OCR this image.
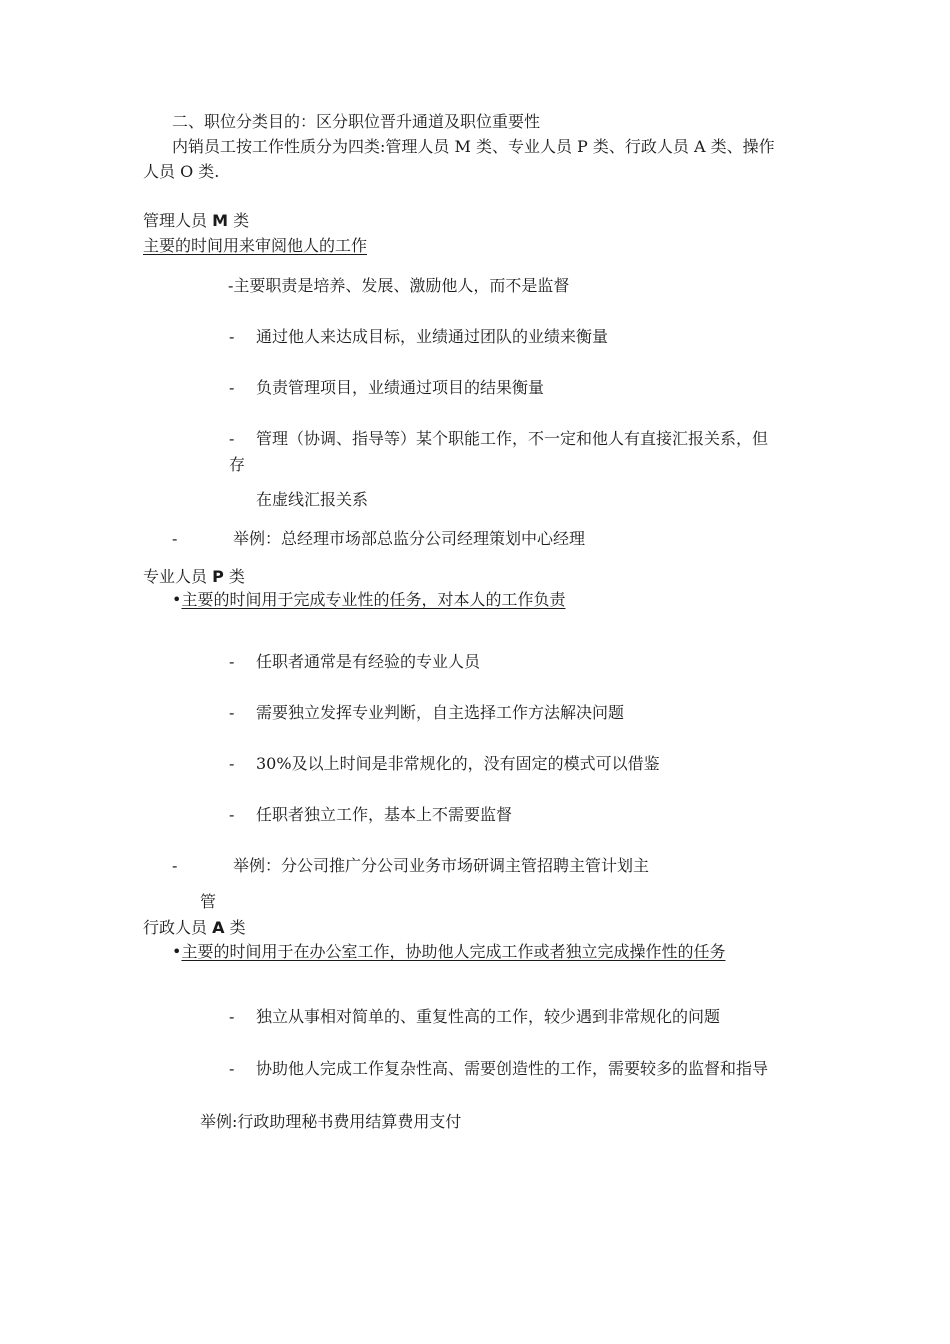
二、职位分类目的：区分职位晋升通道及职位重要性
内销员工按工作性质分为四类:管理人员 M 类、专业人员 P 类、行政人员 A 类、操作
人员 O 类.
管理人员 M 类
主要的时间用来审阅他人的工作
-主要职责是培养、发展、激励他人，而不是监督
- 通过他人来达成目标，业绩通过团队的业绩来衡量
- 负责管理项目，业绩通过项目的结果衡量
- 管理（协调、指导等）某个职能工作，不一定和他人有直接汇报关系，但
存
在虚线汇报关系
-	举例：总经理市场部总监分公司经理策划中心经理
专业人员 P 类
•主要的时间用于完成专业性的任务，对本人的工作负责
- 任职者通常是有经验的专业人员
- 需要独立发挥专业判断，自主选择工作方法解决问题
- 30%及以上时间是非常规化的，没有固定的模式可以借鉴
- 任职者独立工作，基本上不需要监督
-	举例：分公司推广分公司业务市场研调主管招聘主管计划主
管
行政人员 A 类
•主要的时间用于在办公室工作，协助他人完成工作或者独立完成操作性的任务
- 独立从事相对简单的、重复性高的工作，较少遇到非常规化的问题
- 协助他人完成工作复杂性高、需要创造性的工作，需要较多的监督和指导
举例:行政助理秘书费用结算费用支付
